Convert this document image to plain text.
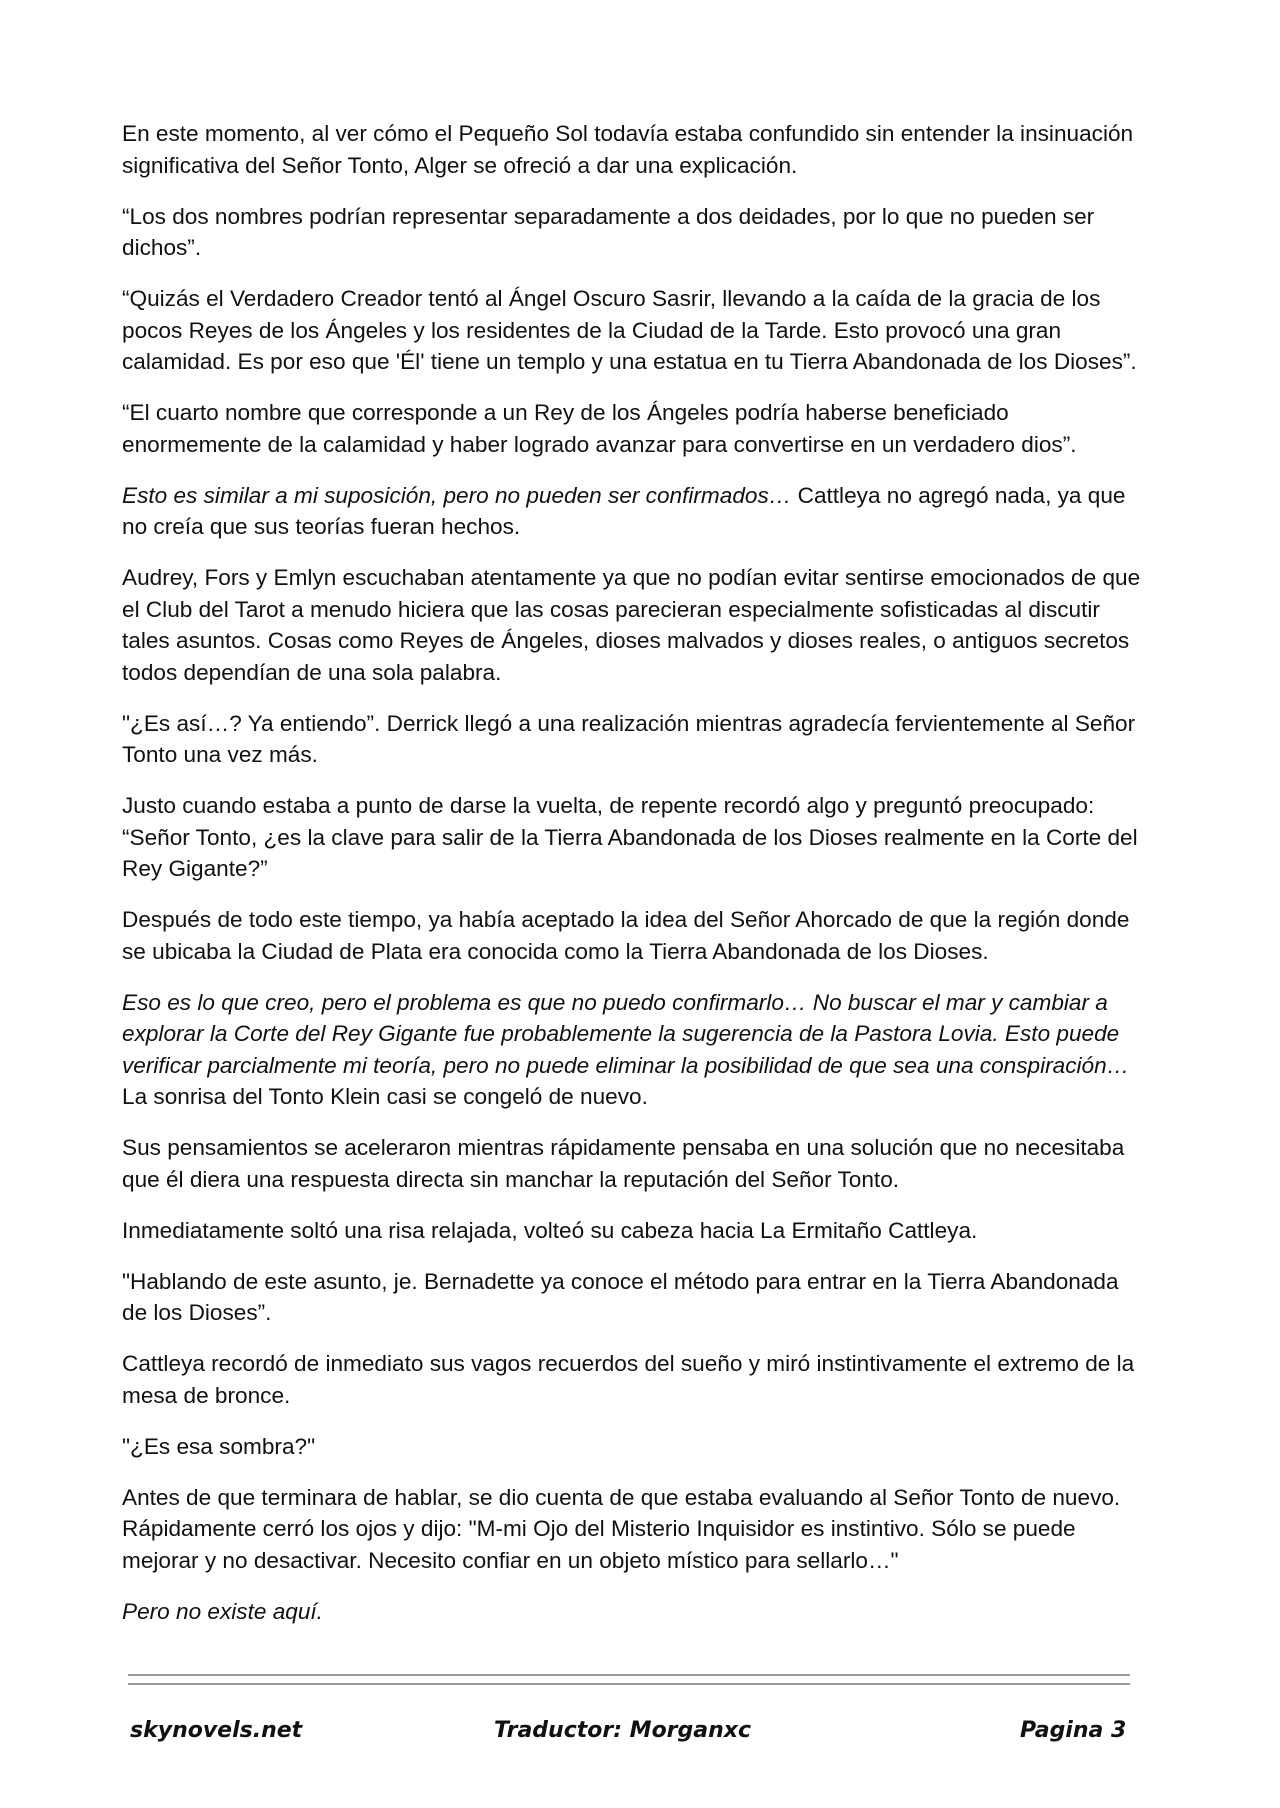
En este momento, al ver cómo el Pequeño Sol todavía estaba confundido sin entender la insinuación significativa del Señor Tonto, Alger se ofreció a dar una explicación.

“Los dos nombres podrían representar separadamente a dos deidades, por lo que no pueden ser dichos”.

“Quizás el Verdadero Creador tentó al Ángel Oscuro Sasrir, llevando a la caída de la gracia de los pocos Reyes de los Ángeles y los residentes de la Ciudad de la Tarde. Esto provocó una gran calamidad. Es por eso que 'Él' tiene un templo y una estatua en tu Tierra Abandonada de los Dioses”.

“El cuarto nombre que corresponde a un Rey de los Ángeles podría haberse beneficiado enormemente de la calamidad y haber logrado avanzar para convertirse en un verdadero dios”.

Esto es similar a mi suposición, pero no pueden ser confirmados… Cattleya no agregó nada, ya que no creía que sus teorías fueran hechos.

Audrey, Fors y Emlyn escuchaban atentamente ya que no podían evitar sentirse emocionados de que el Club del Tarot a menudo hiciera que las cosas parecieran especialmente sofisticadas al discutir tales asuntos. Cosas como Reyes de Ángeles, dioses malvados y dioses reales, o antiguos secretos todos dependían de una sola palabra.

"¿Es así…? Ya entiendo”. Derrick llegó a una realización mientras agradecía fervientemente al Señor Tonto una vez más.

Justo cuando estaba a punto de darse la vuelta, de repente recordó algo y preguntó preocupado: “Señor Tonto, ¿es la clave para salir de la Tierra Abandonada de los Dioses realmente en la Corte del Rey Gigante?”

Después de todo este tiempo, ya había aceptado la idea del Señor Ahorcado de que la región donde se ubicaba la Ciudad de Plata era conocida como la Tierra Abandonada de los Dioses.

Eso es lo que creo, pero el problema es que no puedo confirmarlo… No buscar el mar y cambiar a explorar la Corte del Rey Gigante fue probablemente la sugerencia de la Pastora Lovia. Esto puede verificar parcialmente mi teoría, pero no puede eliminar la posibilidad de que sea una conspiración… La sonrisa del Tonto Klein casi se congeló de nuevo.

Sus pensamientos se aceleraron mientras rápidamente pensaba en una solución que no necesitaba que él diera una respuesta directa sin manchar la reputación del Señor Tonto.

Inmediatamente soltó una risa relajada, volteó su cabeza hacia La Ermitaño Cattleya.

"Hablando de este asunto, je. Bernadette ya conoce el método para entrar en la Tierra Abandonada de los Dioses”.

Cattleya recordó de inmediato sus vagos recuerdos del sueño y miró instintivamente el extremo de la mesa de bronce.

"¿Es esa sombra?"

Antes de que terminara de hablar, se dio cuenta de que estaba evaluando al Señor Tonto de nuevo. Rápidamente cerró los ojos y dijo: "M-mi Ojo del Misterio Inquisidor es instintivo. Sólo se puede mejorar y no desactivar. Necesito confiar en un objeto místico para sellarlo…"

Pero no existe aquí.

skynovels.net	Traductor: Morganxc	Pagina 3
